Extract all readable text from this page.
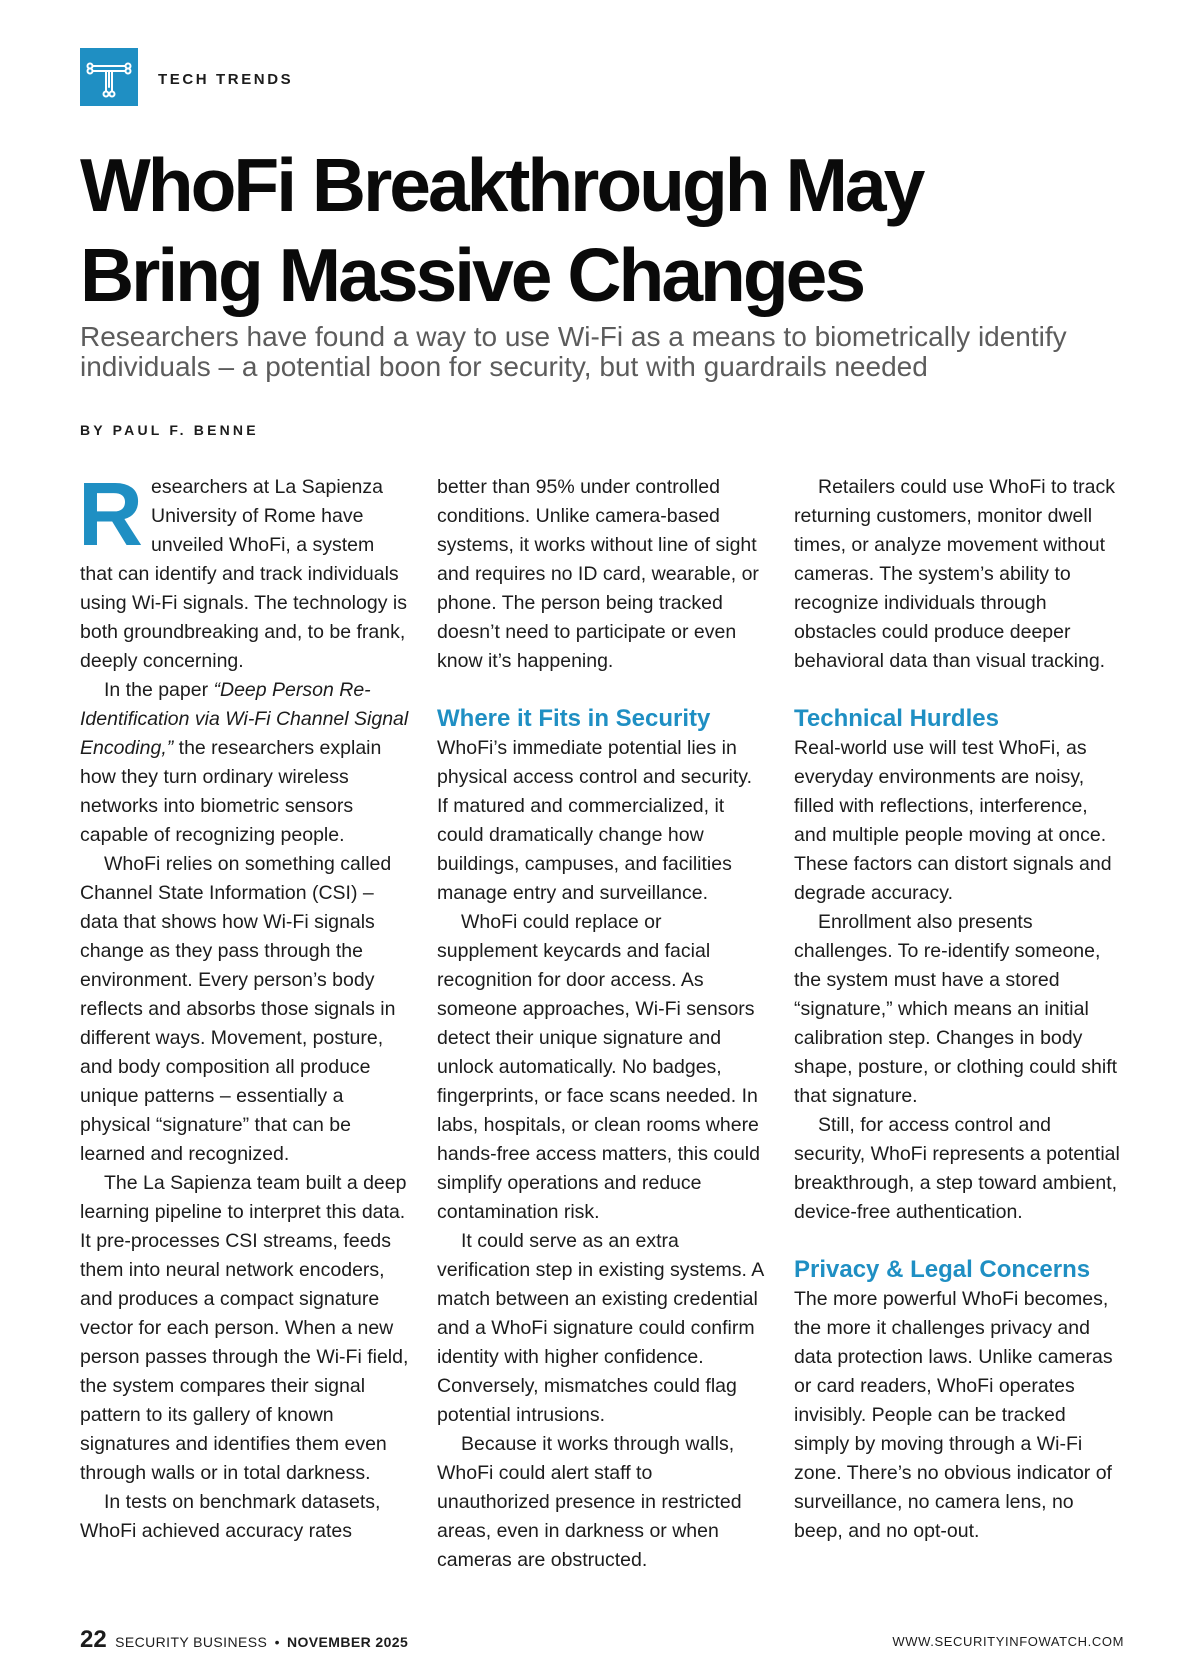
TECH TRENDS
WhoFi Breakthrough May
Bring Massive Changes

Researchers have found a way to use Wi-Fi as a means to biometrically identify
individuals – a potential boon for security, but with guardrails needed

BY PAUL F. BENNE

Researchers at La Sapienza University of Rome have unveiled WhoFi, a system that can identify and track individuals using Wi-Fi signals. The technology is both groundbreaking and, to be frank, deeply concerning.

In the paper “Deep Person Re-Identification via Wi-Fi Channel Signal Encoding,” the researchers explain how they turn ordinary wireless networks into biometric sensors capable of recognizing people.

WhoFi relies on something called Channel State Information (CSI) – data that shows how Wi-Fi signals change as they pass through the environment. Every person’s body reflects and absorbs those signals in different ways. Movement, posture, and body composition all produce unique patterns – essentially a physical “signature” that can be learned and recognized.

The La Sapienza team built a deep learning pipeline to interpret this data. It pre-processes CSI streams, feeds them into neural network encoders, and produces a compact signature vector for each person. When a new person passes through the Wi-Fi field, the system compares their signal pattern to its gallery of known signatures and identifies them even through walls or in total darkness.

In tests on benchmark datasets, WhoFi achieved accuracy rates

better than 95% under controlled conditions. Unlike camera-based systems, it works without line of sight and requires no ID card, wearable, or phone. The person being tracked doesn’t need to participate or even know it’s happening.

Where it Fits in Security

WhoFi’s immediate potential lies in physical access control and security. If matured and commercialized, it could dramatically change how buildings, campuses, and facilities manage entry and surveillance.

WhoFi could replace or supplement keycards and facial recognition for door access. As someone approaches, Wi-Fi sensors detect their unique signature and unlock automatically. No badges, fingerprints, or face scans needed. In labs, hospitals, or clean rooms where hands-free access matters, this could simplify operations and reduce contamination risk.

It could serve as an extra verification step in existing systems. A match between an existing credential and a WhoFi signature could confirm identity with higher confidence. Conversely, mismatches could flag potential intrusions.

Because it works through walls, WhoFi could alert staff to unauthorized presence in restricted areas, even in darkness or when cameras are obstructed.

Retailers could use WhoFi to track returning customers, monitor dwell times, or analyze movement without cameras. The system’s ability to recognize individuals through obstacles could produce deeper behavioral data than visual tracking.

Technical Hurdles

Real-world use will test WhoFi, as everyday environments are noisy, filled with reflections, interference, and multiple people moving at once. These factors can distort signals and degrade accuracy.

Enrollment also presents challenges. To re-identify someone, the system must have a stored “signature,” which means an initial calibration step. Changes in body shape, posture, or clothing could shift that signature.

Still, for access control and security, WhoFi represents a potential breakthrough, a step toward ambient, device-free authentication.

Privacy & Legal Concerns

The more powerful WhoFi becomes, the more it challenges privacy and data protection laws. Unlike cameras or card readers, WhoFi operates invisibly. People can be tracked simply by moving through a Wi-Fi zone. There’s no obvious indicator of surveillance, no camera lens, no beep, and no opt-out.

22 SECURITY BUSINESS • NOVEMBER 2025	WWW.SECURITYINFOWATCH.COM
